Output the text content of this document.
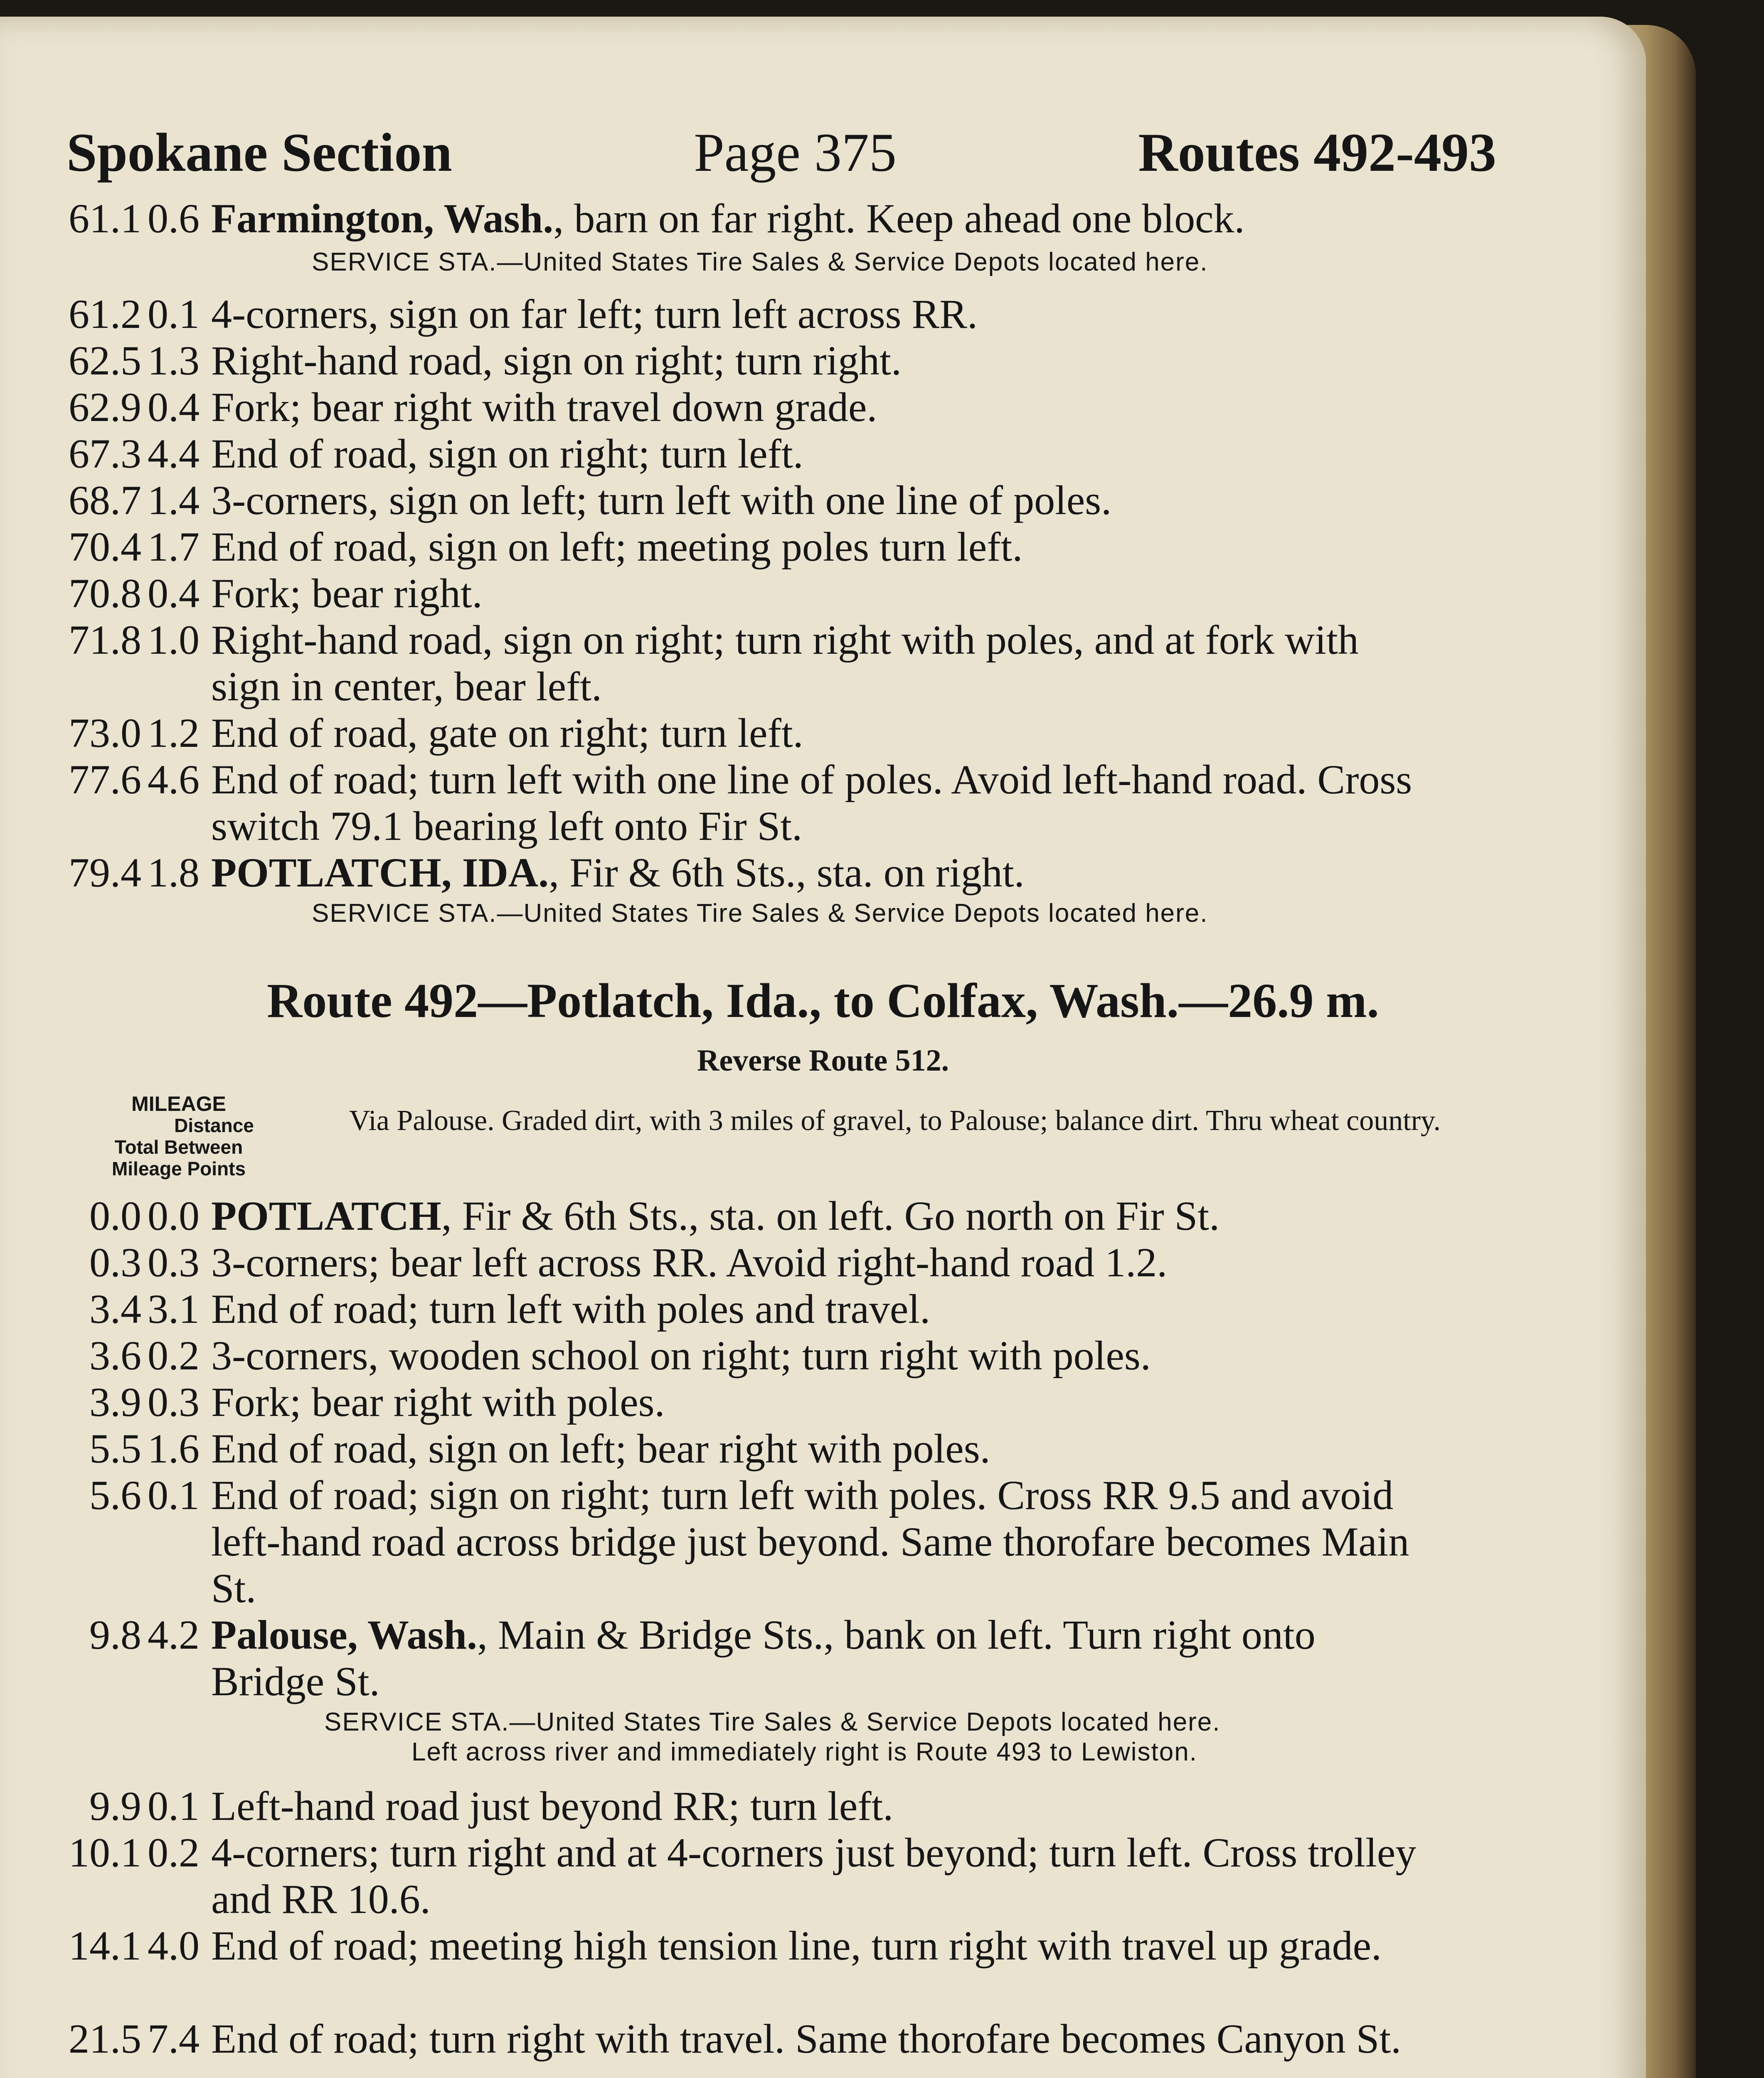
Spokane Section	Page 375	Routes 492-493
61.1 0.6 Farmington, Wash., barn on far right. Keep ahead one block.
SERVICE STA.—United States Tire Sales & Service Depots located here.
61.2 0.1 4-corners, sign on far left; turn left across RR.
62.5 1.3 Right-hand road, sign on right; turn right.
62.9 0.4 Fork; bear right with travel down grade.
67.3 4.4 End of road, sign on right; turn left.
68.7 1.4 3-corners, sign on left; turn left with one line of poles.
70.4 1.7 End of road, sign on left; meeting poles turn left.
70.8 0.4 Fork; bear right.
71.8 1.0 Right-hand road, sign on right; turn right with poles, and at fork with sign in center, bear left.
73.0 1.2 End of road, gate on right; turn left.
77.6 4.6 End of road; turn left with one line of poles. Avoid left-hand road. Cross switch 79.1 bearing left onto Fir St.
79.4 1.8 POTLATCH, IDA., Fir & 6th Sts., sta. on right.
SERVICE STA.—United States Tire Sales & Service Depots located here.
Route 492—Potlatch, Ida., to Colfax, Wash.—26.9 m.
Reverse Route 512.
MILEAGE
Distance
Total Between
Mileage Points
Via Palouse. Graded dirt, with 3 miles of gravel, to Palouse; balance dirt. Thru wheat country.
0.0 0.0 POTLATCH, Fir & 6th Sts., sta. on left. Go north on Fir St.
0.3 0.3 3-corners; bear left across RR. Avoid right-hand road 1.2.
3.4 3.1 End of road; turn left with poles and travel.
3.6 0.2 3-corners, wooden school on right; turn right with poles.
3.9 0.3 Fork; bear right with poles.
5.5 1.6 End of road, sign on left; bear right with poles.
5.6 0.1 End of road; sign on right; turn left with poles. Cross RR 9.5 and avoid left-hand road across bridge just beyond. Same thorofare becomes Main St.
9.8 4.2 Palouse, Wash., Main & Bridge Sts., bank on left. Turn right onto Bridge St.
SERVICE STA.—United States Tire Sales & Service Depots located here.
Left across river and immediately right is Route 493 to Lewiston.
9.9 0.1 Left-hand road just beyond RR; turn left.
10.1 0.2 4-corners; turn right and at 4-corners just beyond; turn left. Cross trolley and RR 10.6.
14.1 4.0 End of road; meeting high tension line, turn right with travel up grade.
21.5 7.4 End of road; turn right with travel. Same thorofare becomes Canyon St.
